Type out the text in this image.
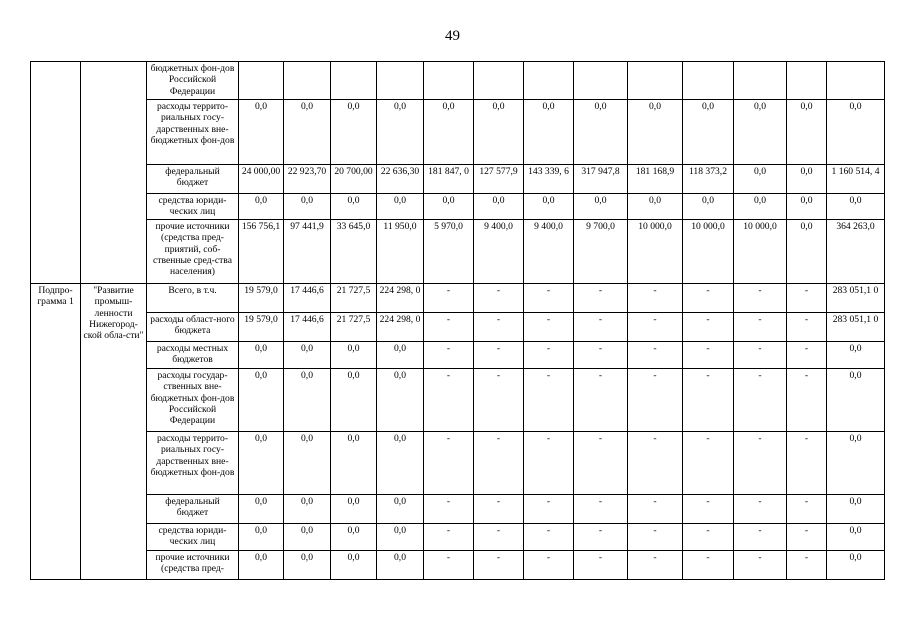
49
		бюджетных фон-дов Российской Федерации													
		расходы террито-риальных госу-дарственных вне-бюджетных фон-дов	0,0	0,0	0,0	0,0	0,0	0,0	0,0	0,0	0,0	0,0	0,0	0,0	0,0
		федеральный бюджет	24 000,00	22 923,70	20 700,00	22 636,30	181 847, 0	127 577,9	143 339, 6	317 947,8	181 168,9	118 373,2	0,0	0,0	1 160 514, 4
		средства юриди-ческих лиц	0,0	0,0	0,0	0,0	0,0	0,0	0,0	0,0	0,0	0,0	0,0	0,0	0,0
		прочие источники (средства пред-приятий, соб-ственные сред-ства населения)	156 756,1	97 441,9	33 645,0	11 950,0	5 970,0	9 400,0	9 400,0	9 700,0	10 000,0	10 000,0	10 000,0	0,0	364 263,0
Подпро-грамма 1	"Развитие промыш-ленности Нижегород-ской обла-сти"	Всего, в т.ч.	19 579,0	17 446,6	21 727,5	224 298, 0	-	-	-	-	-	-	-	-	283 051,1 0
		расходы област-ного бюджета	19 579,0	17 446,6	21 727,5	224 298, 0	-	-	-	-	-	-	-	-	283 051,1 0
		расходы местных бюджетов	0,0	0,0	0,0	0,0	-	-	-	-	-	-	-	-	0,0
		расходы государ-ственных вне-бюджетных фон-дов Российской Федерации	0,0	0,0	0,0	0,0	-	-	-	-	-	-	-	-	0,0
		расходы террито-риальных госу-дарственных вне-бюджетных фон-дов	0,0	0,0	0,0	0,0	-	-	-	-	-	-	-	-	0,0
		федеральный бюджет	0,0	0,0	0,0	0,0	-	-	-	-	-	-	-	-	0,0
		средства юриди-ческих лиц	0,0	0,0	0,0	0,0	-	-	-	-	-	-	-	-	0,0
		прочие источники (средства пред-	0,0	0,0	0,0	0,0	-	-	-	-	-	-	-	-	0,0
